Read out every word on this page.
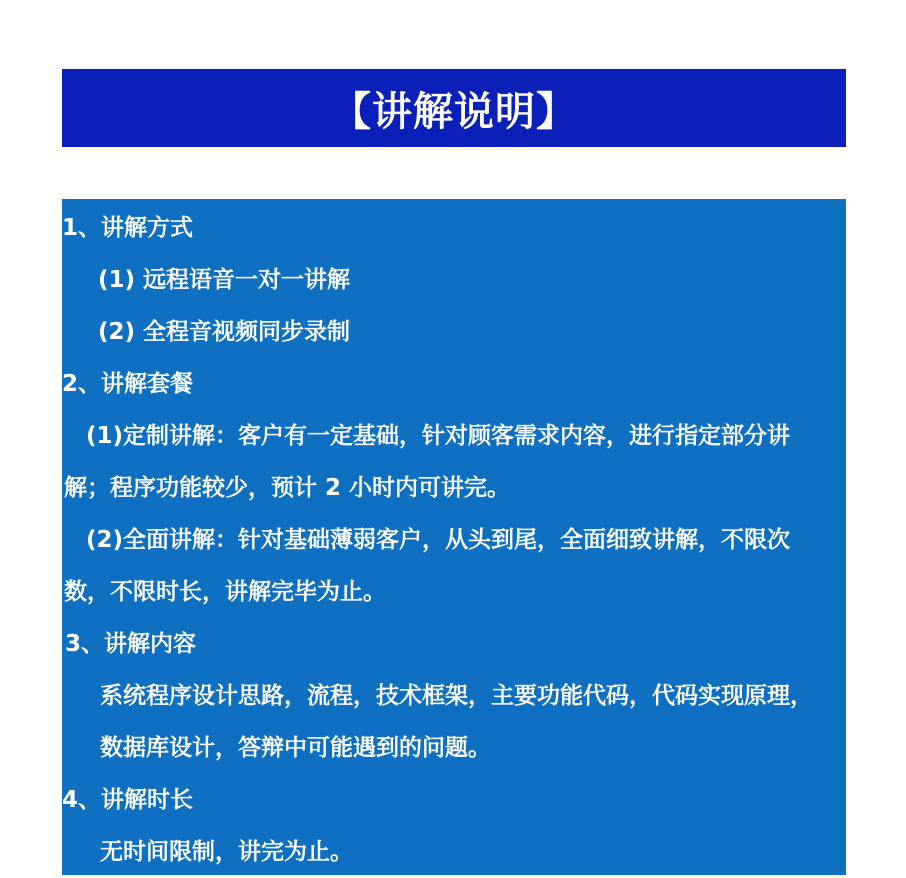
【讲解说明】
1、讲解方式
(1) 远程语音一对一讲解
(2) 全程音视频同步录制
2、讲解套餐
(1)定制讲解：客户有一定基础，针对顾客需求内容，进行指定部分讲
解；程序功能较少，预计 2 小时内可讲完。
(2)全面讲解：针对基础薄弱客户，从头到尾，全面细致讲解，不限次
数，不限时长，讲解完毕为止。
3、讲解内容
系统程序设计思路，流程，技术框架，主要功能代码，代码实现原理，
数据库设计，答辩中可能遇到的问题。
4、讲解时长
无时间限制，讲完为止。
